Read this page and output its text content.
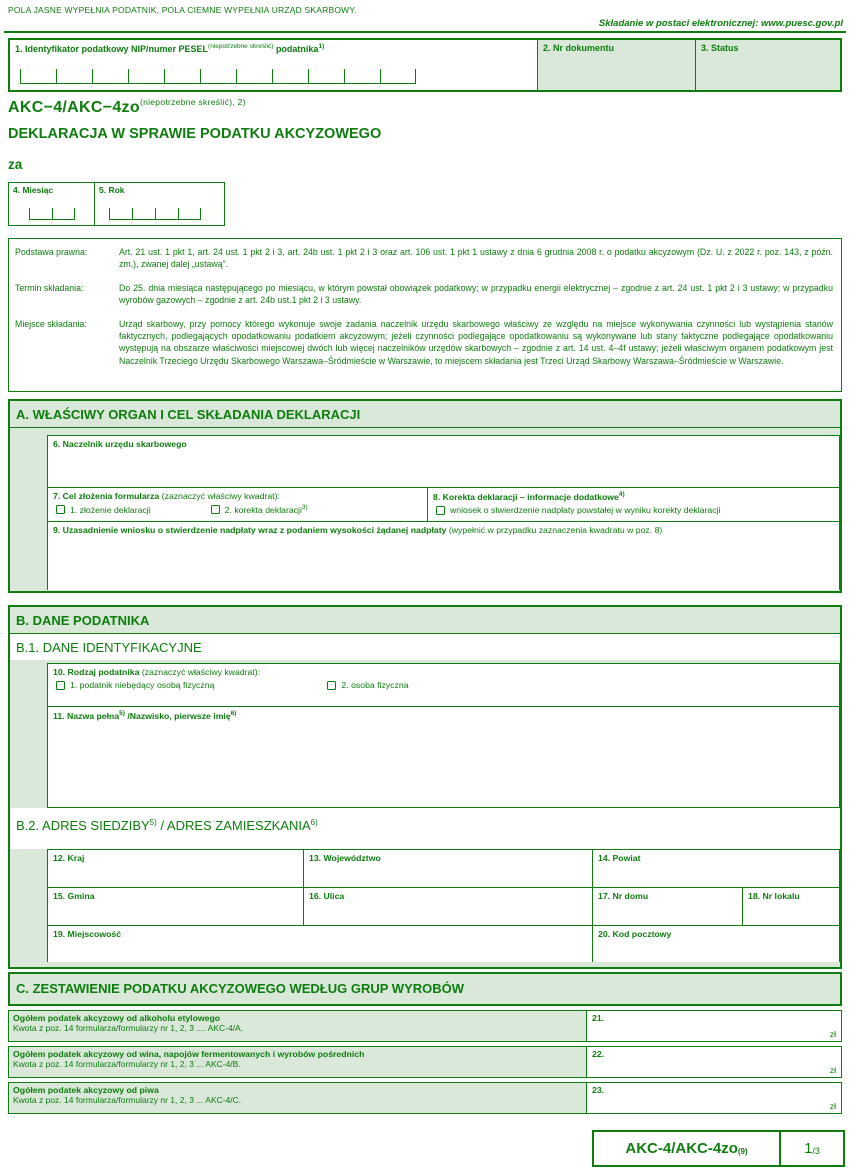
POLA JASNE WYPEŁNIA PODATNIK, POLA CIEMNE WYPEŁNIA URZĄD SKARBOWY.
Składanie w postaci elektronicznej: www.puesc.gov.pl
1. Identyfikator podatkowy NIP/numer $PESEL^{(niepotrzebne skreślić)}$ podatnika$^{1)}$	2. Nr dokumentu	3. Status
$AKC-4/AKC-4zo^{(niepotrzebne skreślić), 2)}$
DEKLARACJA W SPRAWIE PODATKU AKCYZOWEGO
za
4. Miesiąc	5. Rok
Podstawa prawna:	Art. 21 ust. 1 pkt 1, art. 24 ust. 1 pkt 2 i 3, art. 24b ust. 1 pkt 2 i 3 oraz art. 106 ust. 1 pkt 1 ustawy z dnia 6 grudnia 2008 r. o podatku akcyzowym (Dz. U. z 2022 r. poz. 143, z późn. zm.), zwanej dalej „ustawą”.
Termin składania:	Do 25. dnia miesiąca następującego po miesiącu, w którym powstał obowiązek podatkowy; w przypadku energii elektrycznej – zgodnie z art. 24 ust. 1 pkt 2 i 3 ustawy; w przypadku wyrobów gazowych – zgodnie z art. 24b ust.1 pkt 2 i 3 ustawy.
Miejsce składania:	Urząd skarbowy, przy pomocy którego wykonuje swoje zadania naczelnik urzędu skarbowego właściwy ze względu na miejsce wykonywania czynności lub wystąpienia stanów faktycznych, podlegających opodatkowaniu podatkiem akcyzowym; jeżeli czynności podlegające opodatkowaniu są wykonywane lub stany faktyczne podlegające opodatkowaniu występują na obszarze właściwości miejscowej dwóch lub więcej naczelników urzędów skarbowych – zgodnie z art. 14 ust. 4–4f ustawy; jeżeli właściwym organem podatkowym jest Naczelnik Trzeciego Urzędu Skarbowego Warszawa–Śródmieście w Warszawie, to miejscem składania jest Trzeci Urząd Skarbowy Warszawa–Śródmieście w Warszawie.
A. WŁAŚCIWY ORGAN I CEL SKŁADANIA DEKLARACJI
6. Naczelnik urzędu skarbowego
7. Cel złożenia formularza (zaznaczyć właściwy kwadrat):
1. złożenie deklaracji	2. korekta deklaracji$^{3)}$
8. Korekta deklaracji – informacje dodatkowe$^{4)}$
wniosek o stwierdzenie nadpłaty powstałej w wyniku korekty deklaracji
9. Uzasadnienie wniosku o stwierdzenie nadpłaty wraz z podaniem wysokości żądanej nadpłaty (wypełnić w przypadku zaznaczenia kwadratu w poz. 8)
B. DANE PODATNIKA
B.1. DANE IDENTYFIKACYJNE
10. Rodzaj podatnika (zaznaczyć właściwy kwadrat):
1. podatnik niebędący osobą fizyczną	2. osoba fizyczna
11. Nazwa pełna$^{5)}$ /Nazwisko, pierwsze imię$^{6)}$
B.2. ADRES SIEDZIBY$^{5)}$ / ADRES ZAMIESZKANIA$^{6)}$
12. Kraj	13. Województwo	14. Powiat
15. Gmina	16. Ulica	17. Nr domu	18. Nr lokalu
19. Miejscowość	20. Kod pocztowy
C. ZESTAWIENIE PODATKU AKCYZOWEGO WEDŁUG GRUP WYROBÓW
Ogółem podatek akcyzowy od alkoholu etylowego
Kwota z poz. 14 formularza/formularzy nr 1, 2, 3 .... AKC-4/A.
21.
zł
Ogółem podatek akcyzowy od wina, napojów fermentowanych i wyrobów pośrednich
Kwota z poz. 14 formularza/formularzy nr 1, 2, 3 ... AKC-4/B.
22.
zł
Ogółem podatek akcyzowy od piwa
Kwota z poz. 14 formularza/formularzy nr 1, 2, 3 ... AKC-4/C.
23.
zł
AKC-4/AKC-4zo (9)	1 /3
